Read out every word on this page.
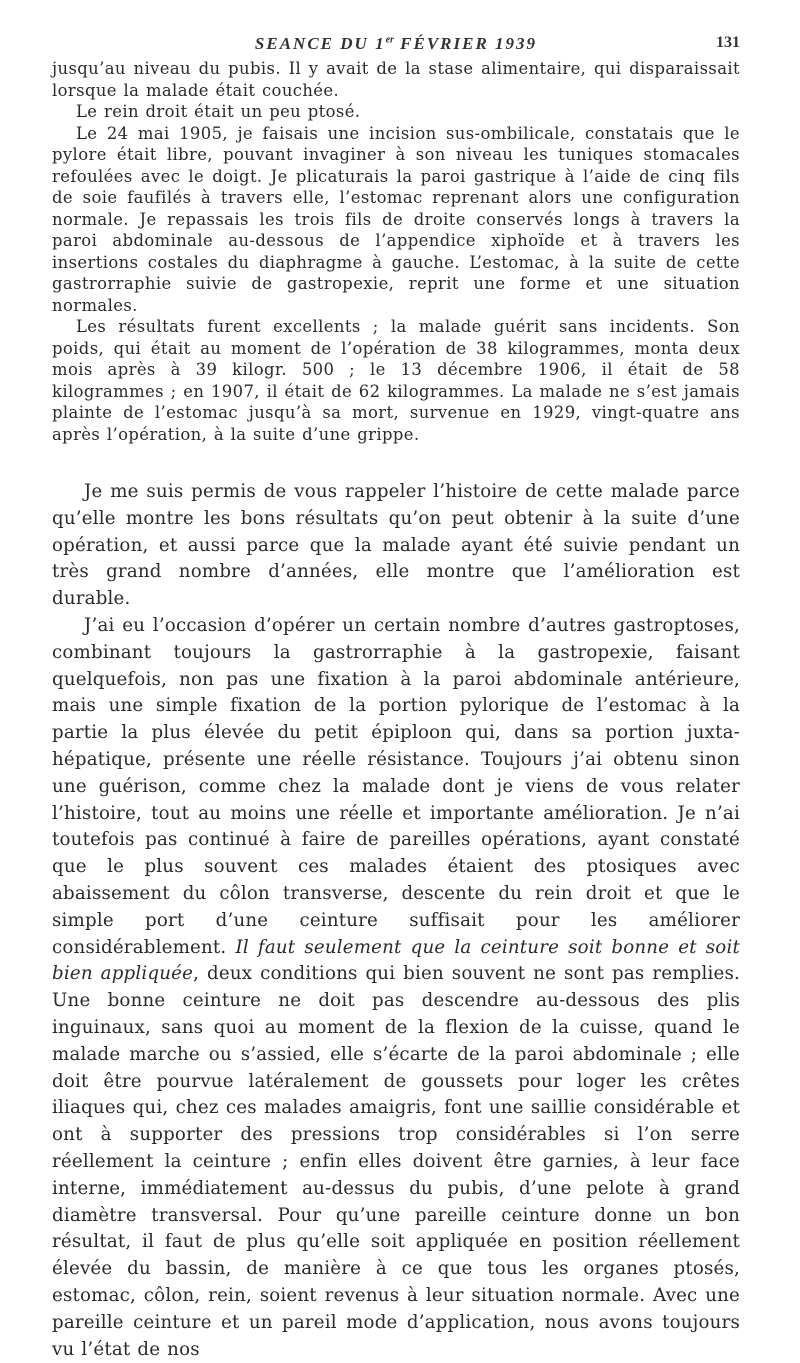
SEANCE DU 1er FÉVRIER 1939	131

jusqu’au niveau du pubis. Il y avait de la stase alimentaire, qui disparaissait lorsque la malade était couchée.

Le rein droit était un peu ptosé.

Le 24 mai 1905, je faisais une incision sus-ombilicale, constatais que le pylore était libre, pouvant invaginer à son niveau les tuniques stomacales refoulées avec le doigt. Je plicaturais la paroi gastrique à l’aide de cinq fils de soie faufilés à travers elle, l’estomac reprenant alors une configuration normale. Je repassais les trois fils de droite conservés longs à travers la paroi abdominale au-dessous de l’appendice xiphoïde et à travers les insertions costales du diaphragme à gauche. L’estomac, à la suite de cette gastrorraphie suivie de gastropexie, reprit une forme et une situation normales.

Les résultats furent excellents ; la malade guérit sans incidents. Son poids, qui était au moment de l’opération de 38 kilogrammes, monta deux mois après à 39 kilogr. 500 ; le 13 décembre 1906, il était de 58 kilogrammes ; en 1907, il était de 62 kilogrammes. La malade ne s’est jamais plainte de l’estomac jusqu’à sa mort, survenue en 1929, vingt-quatre ans après l’opération, à la suite d’une grippe.

Je me suis permis de vous rappeler l’histoire de cette malade parce qu’elle montre les bons résultats qu’on peut obtenir à la suite d’une opération, et aussi parce que la malade ayant été suivie pendant un très grand nombre d’années, elle montre que l’amélioration est durable.

J’ai eu l’occasion d’opérer un certain nombre d’autres gastroptoses, combinant toujours la gastrorraphie à la gastropexie, faisant quelquefois, non pas une fixation à la paroi abdominale antérieure, mais une simple fixation de la portion pylorique de l’estomac à la partie la plus élevée du petit épiploon qui, dans sa portion juxta-hépatique, présente une réelle résistance. Toujours j’ai obtenu sinon une guérison, comme chez la malade dont je viens de vous relater l’histoire, tout au moins une réelle et importante amélioration. Je n’ai toutefois pas continué à faire de pareilles opérations, ayant constaté que le plus souvent ces malades étaient des ptosiques avec abaissement du côlon transverse, descente du rein droit et que le simple port d’une ceinture suffisait pour les améliorer considérablement. Il faut seulement que la ceinture soit bonne et soit bien appliquée, deux conditions qui bien souvent ne sont pas remplies. Une bonne ceinture ne doit pas descendre au-dessous des plis inguinaux, sans quoi au moment de la flexion de la cuisse, quand le malade marche ou s’assied, elle s’écarte de la paroi abdominale ; elle doit être pourvue latéralement de goussets pour loger les crêtes iliaques qui, chez ces malades amaigris, font une saillie considérable et ont à supporter des pressions trop considérables si l’on serre réellement la ceinture ; enfin elles doivent être garnies, à leur face interne, immédiatement au-dessus du pubis, d’une pelote à grand diamètre transversal. Pour qu’une pareille ceinture donne un bon résultat, il faut de plus qu’elle soit appliquée en position réellement élevée du bassin, de manière à ce que tous les organes ptosés, estomac, côlon, rein, soient revenus à leur situation normale. Avec une pareille ceinture et un pareil mode d’application, nous avons toujours vu l’état de nos
